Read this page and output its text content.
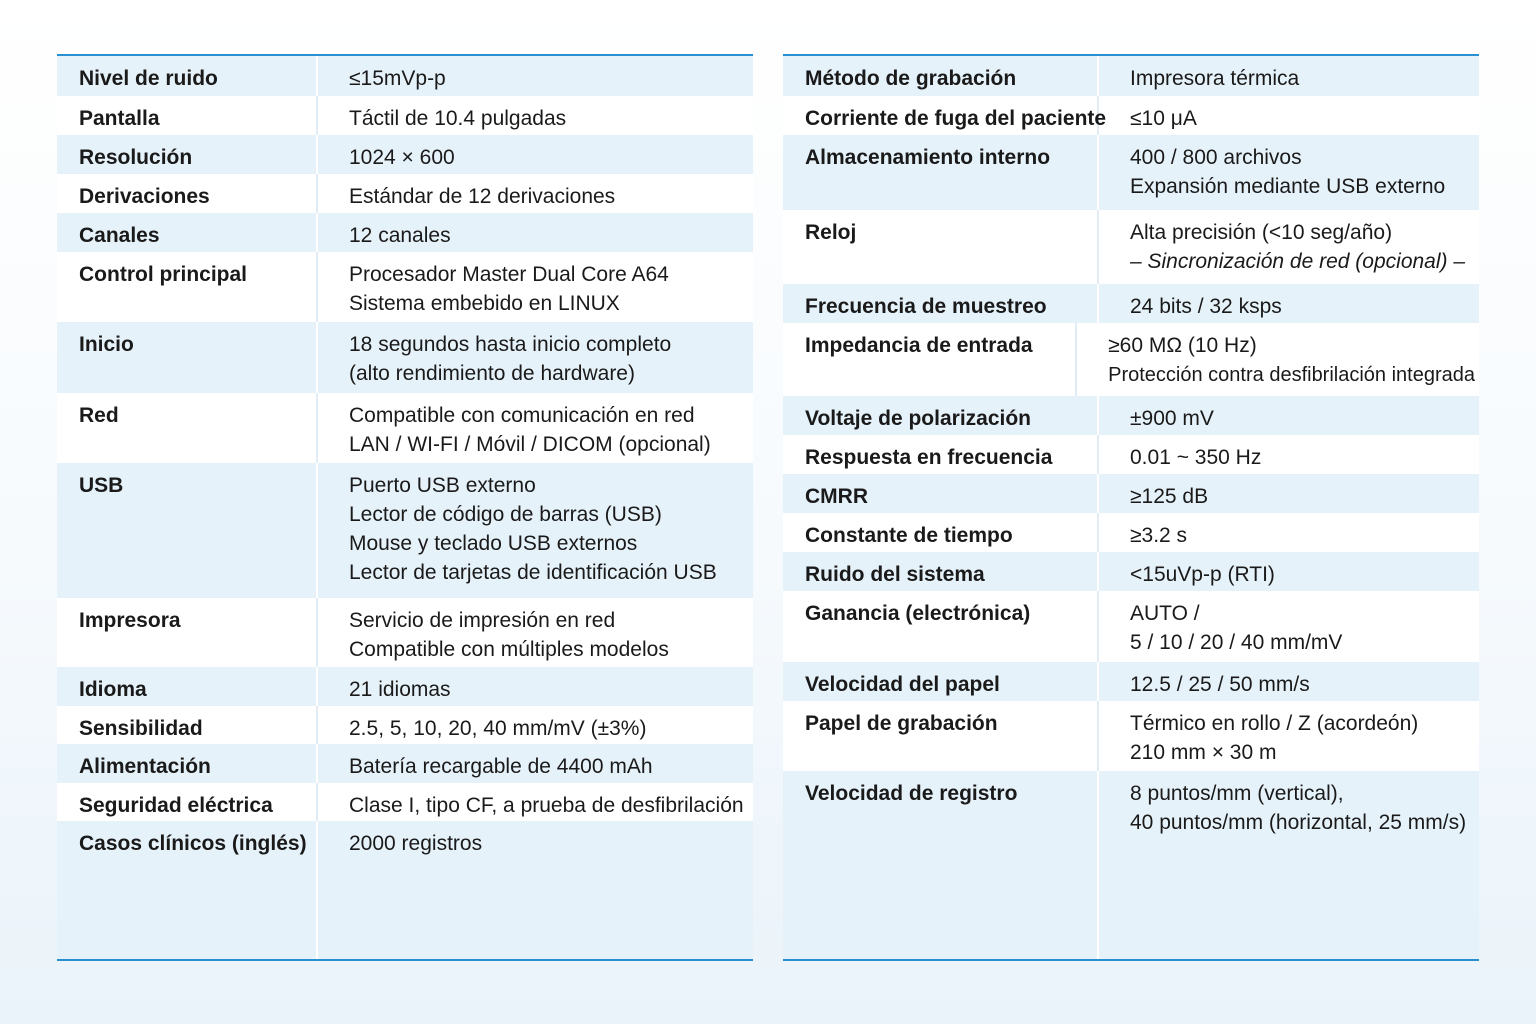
Nivel de ruido	≤15mVp-p
Pantalla	Táctil de 10.4 pulgadas
Resolución	1024 × 600
Derivaciones	Estándar de 12 derivaciones
Canales	12 canales
Control principal	Procesador Master Dual Core A64
Sistema embebido en LINUX
Inicio	18 segundos hasta inicio completo
(alto rendimiento de hardware)
Red	Compatible con comunicación en red
LAN / WI-FI / Móvil / DICOM (opcional)
USB	Puerto USB externo
Lector de código de barras (USB)
Mouse y teclado USB externos
Lector de tarjetas de identificación USB
Impresora	Servicio de impresión en red
Compatible con múltiples modelos
Idioma	21 idiomas
Sensibilidad	2.5, 5, 10, 20, 40 mm/mV (±3%)
Alimentación	Batería recargable de 4400 mAh
Seguridad eléctrica	Clase I, tipo CF, a prueba de desfibrilación
Casos clínicos (inglés)	2000 registros
Método de grabación	Impresora térmica
Corriente de fuga del paciente ≤10 μA
Almacenamiento interno	400 / 800 archivos
Expansión mediante USB externo
Reloj	Alta precisión (<10 seg/año)
– Sincronización de red (opcional) –
Frecuencia de muestreo	24 bits / 32 ksps
Impedancia de entrada	≥60 MΩ (10 Hz)
Protección contra desfibrilación integrada
Voltaje de polarización	±900 mV
Respuesta en frecuencia	0.01 ~ 350 Hz
CMRR	≥125 dB
Constante de tiempo	≥3.2 s
Ruido del sistema	<15uVp-p (RTI)
Ganancia (electrónica)	AUTO /
5 / 10 / 20 / 40 mm/mV
Velocidad del papel	12.5 / 25 / 50 mm/s
Papel de grabación	Térmico en rollo / Z (acordeón)
210 mm × 30 m
Velocidad de registro	8 puntos/mm (vertical),
40 puntos/mm (horizontal, 25 mm/s)
